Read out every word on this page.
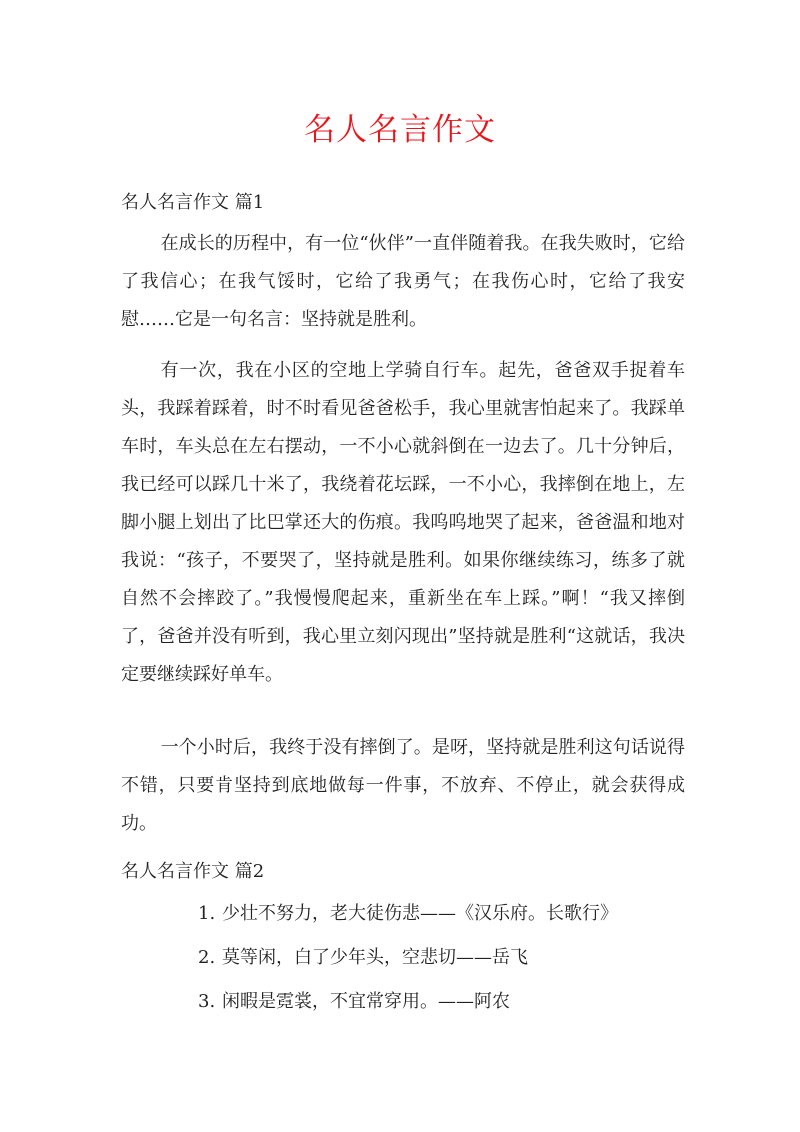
名人名言作文
名人名言作文 篇1

在成长的历程中，有一位“伙伴”一直伴随着我。在我失败时，它给了我信心；在我气馁时，它给了我勇气；在我伤心时，它给了我安慰……它是一句名言：坚持就是胜利。

有一次，我在小区的空地上学骑自行车。起先，爸爸双手捉着车头，我踩着踩着，时不时看见爸爸松手，我心里就害怕起来了。我踩单车时，车头总在左右摆动，一不小心就斜倒在一边去了。几十分钟后，我已经可以踩几十米了，我绕着花坛踩，一不小心，我摔倒在地上，左脚小腿上划出了比巴掌还大的伤痕。我呜呜地哭了起来，爸爸温和地对我说：“孩子，不要哭了，坚持就是胜利。如果你继续练习，练多了就自然不会摔跤了。”我慢慢爬起来，重新坐在车上踩。”啊！“我又摔倒了，爸爸并没有听到，我心里立刻闪现出”坚持就是胜利“这就话，我决定要继续踩好单车。

一个小时后，我终于没有摔倒了。是呀，坚持就是胜利这句话说得不错，只要肯坚持到底地做每一件事，不放弃、不停止，就会获得成功。

名人名言作文 篇2
1. 少壮不努力，老大徒伤悲——《汉乐府。长歌行》
2. 莫等闲，白了少年头，空悲切——岳飞
3. 闲暇是霓裳，不宜常穿用。——阿农
